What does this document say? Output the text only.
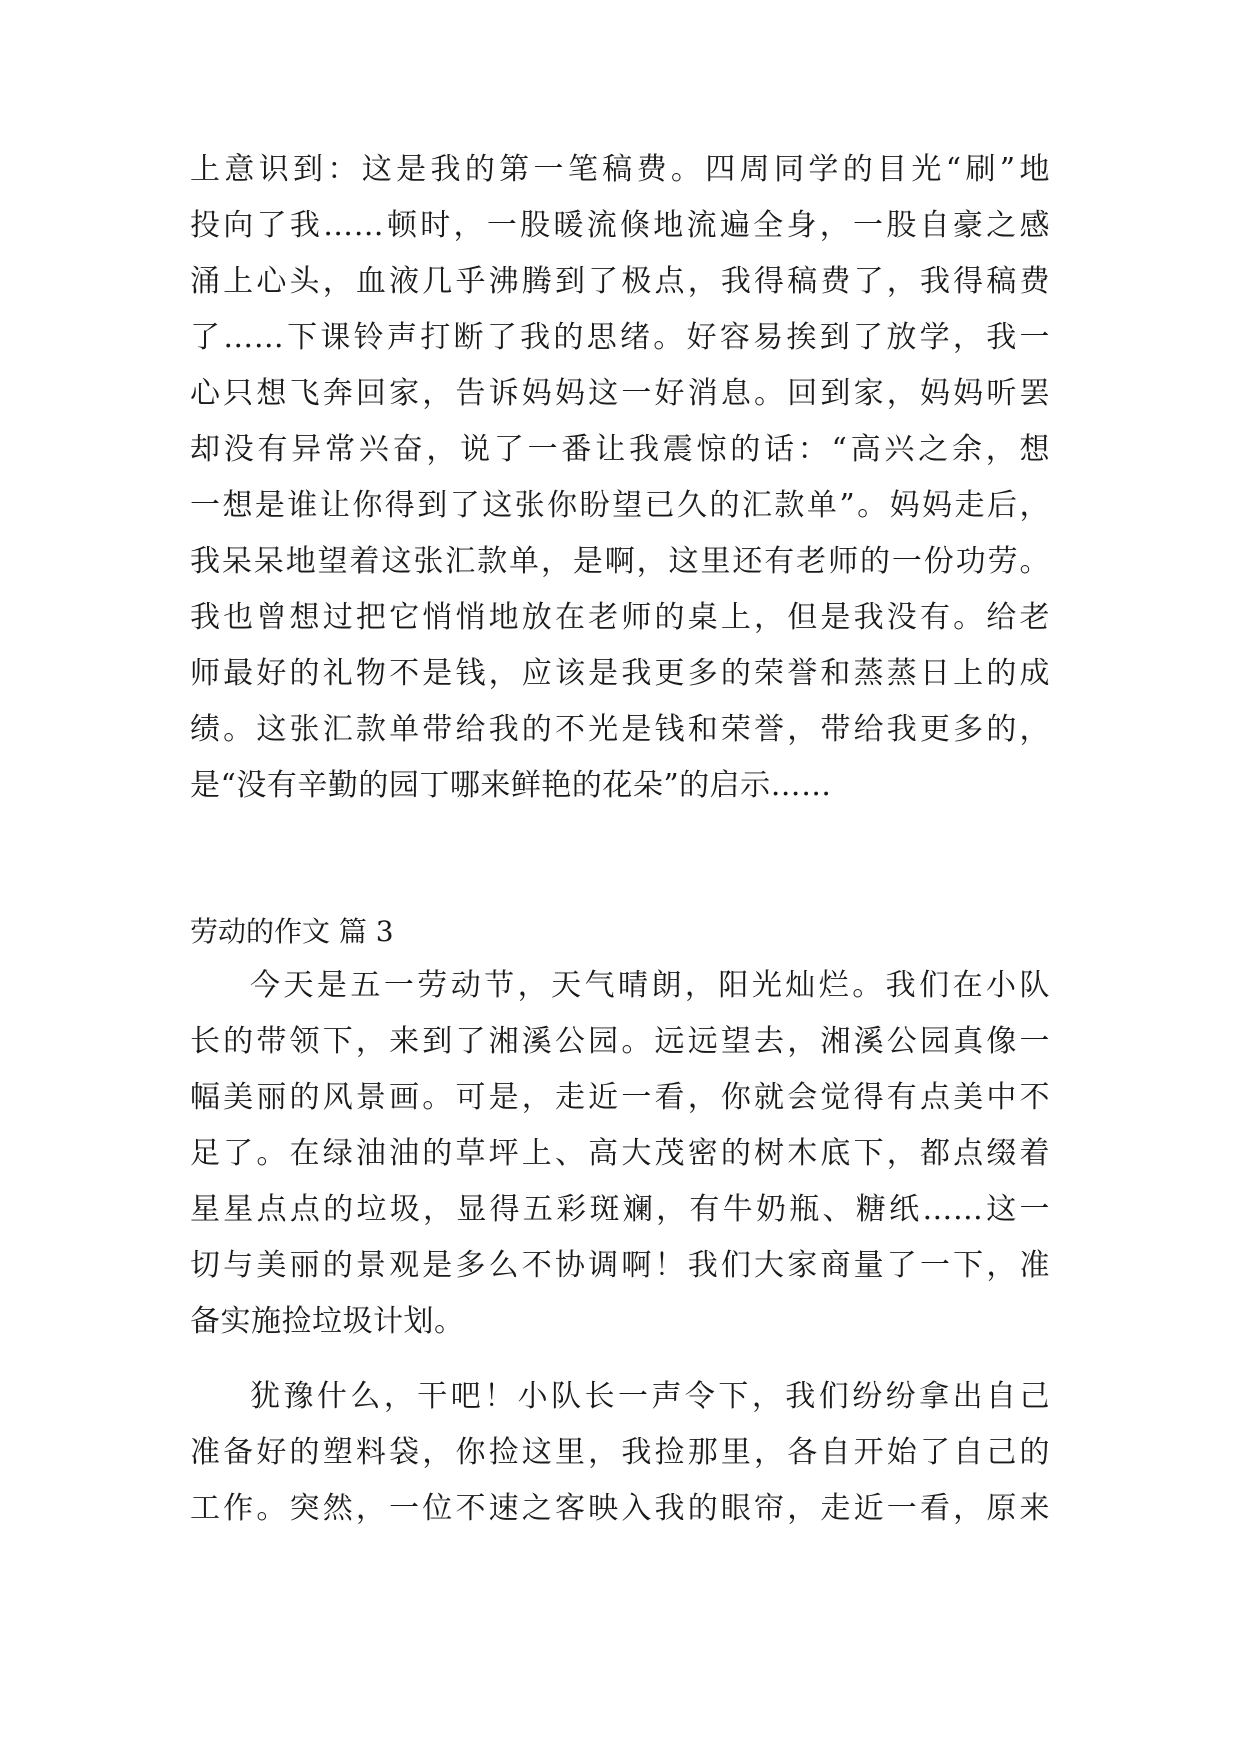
上意识到：这是我的第一笔稿费。四周同学的目光“刷”地

投向了我……顿时，一股暖流倏地流遍全身，一股自豪之感

涌上心头，血液几乎沸腾到了极点，我得稿费了，我得稿费

了……下课铃声打断了我的思绪。好容易挨到了放学，我一

心只想飞奔回家，告诉妈妈这一好消息。回到家，妈妈听罢

却没有异常兴奋，说了一番让我震惊的话：“高兴之余，想

一想是谁让你得到了这张你盼望已久的汇款单”。妈妈走后，

我呆呆地望着这张汇款单，是啊，这里还有老师的一份功劳。

我也曾想过把它悄悄地放在老师的桌上，但是我没有。给老

师最好的礼物不是钱，应该是我更多的荣誉和蒸蒸日上的成

绩。这张汇款单带给我的不光是钱和荣誉，带给我更多的，

是“没有辛勤的园丁哪来鲜艳的花朵”的启示……

劳动的作文 篇 3

今天是五一劳动节，天气晴朗，阳光灿烂。我们在小队

长的带领下，来到了湘溪公园。远远望去，湘溪公园真像一

幅美丽的风景画。可是，走近一看，你就会觉得有点美中不

足了。在绿油油的草坪上、高大茂密的树木底下，都点缀着

星星点点的垃圾，显得五彩斑斓，有牛奶瓶、糖纸……这一

切与美丽的景观是多么不协调啊！我们大家商量了一下，准

备实施捡垃圾计划。

犹豫什么，干吧！小队长一声令下，我们纷纷拿出自己

准备好的塑料袋，你捡这里，我捡那里，各自开始了自己的

工作。突然，一位不速之客映入我的眼帘，走近一看，原来
